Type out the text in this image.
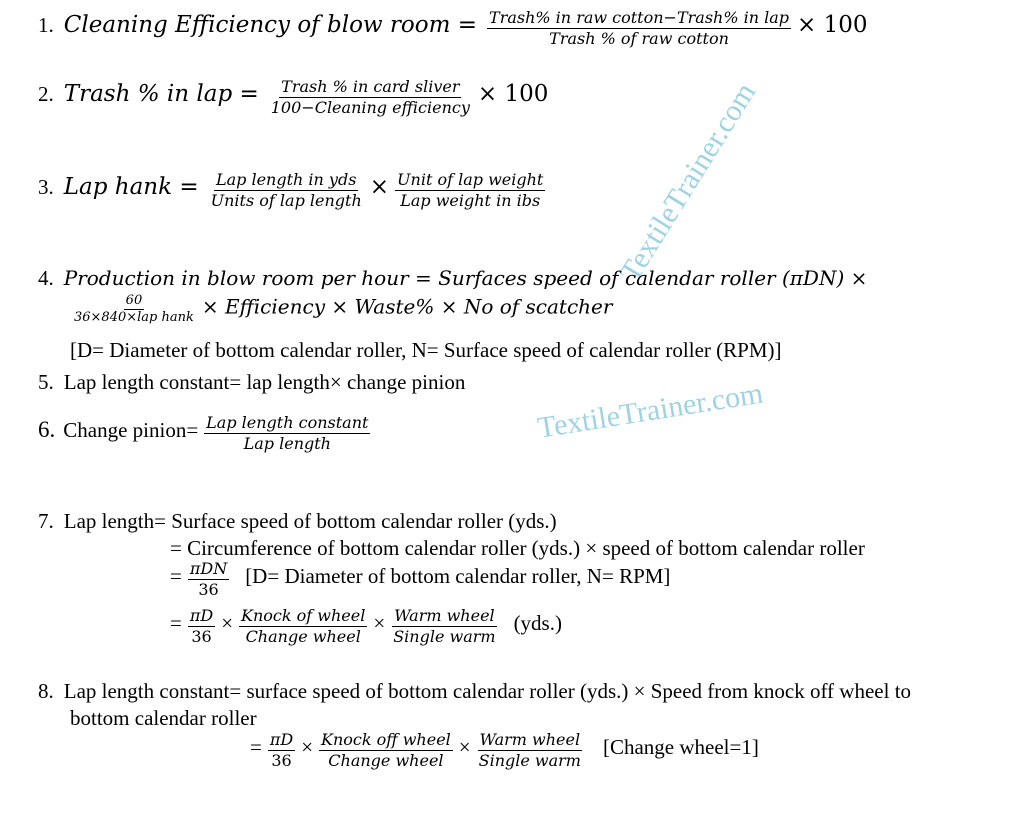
TextileTrainer.com
TextileTrainer.com
1. Cleaning Efficiency of blow room = $\frac{\text{Trash\% in raw cotton−Trash\% in lap}}{\text{Trash \% of raw cotton}} \times 100$
2. Trash % in lap = $\frac{\text{Trash \% in card sliver}}{\text{100−Cleaning efficiency}} \times 100$
3. Lap hank = $\frac{\text{Lap length in yds}}{\text{Units of lap length}} \times \frac{\text{Unit of lap weight}}{\text{Lap weight in ibs}}$
4. Production in blow room per hour = Surfaces speed of calendar roller (πDN) ×
$\frac{60}{\text{36×840×lap hank}}$ × Efficiency × Waste% × No of scatcher
[D= Diameter of bottom calendar roller, N= Surface speed of calendar roller (RPM)]
5. Lap length constant= lap length× change pinion
6. Change pinion= $\frac{\text{Lap length constant}}{\text{Lap length}}$
7. Lap length= Surface speed of bottom calendar roller (yds.)
= Circumference of bottom calendar roller (yds.) × speed of bottom calendar roller
= $\frac{\text{πDN}}{36} [D=$ Diameter of bottom calendar roller, N= RPM]
= $\frac{\pi D}{36} \times \frac{\text{Knock of wheel}}{\text{Change wheel}} \times \frac{\text{Warm wheel}}{\text{Single warm}} (yds.)$
8. Lap length constant= surface speed of bottom calendar roller (yds.) × Speed from knock off wheel to
bottom calendar roller
= $\frac{\pi D}{36} \times \frac{\text{Knock off wheel}}{\text{Change wheel}} \times \frac{\text{Warm wheel}}{\text{Single warm}}$ [Change wheel=1]
